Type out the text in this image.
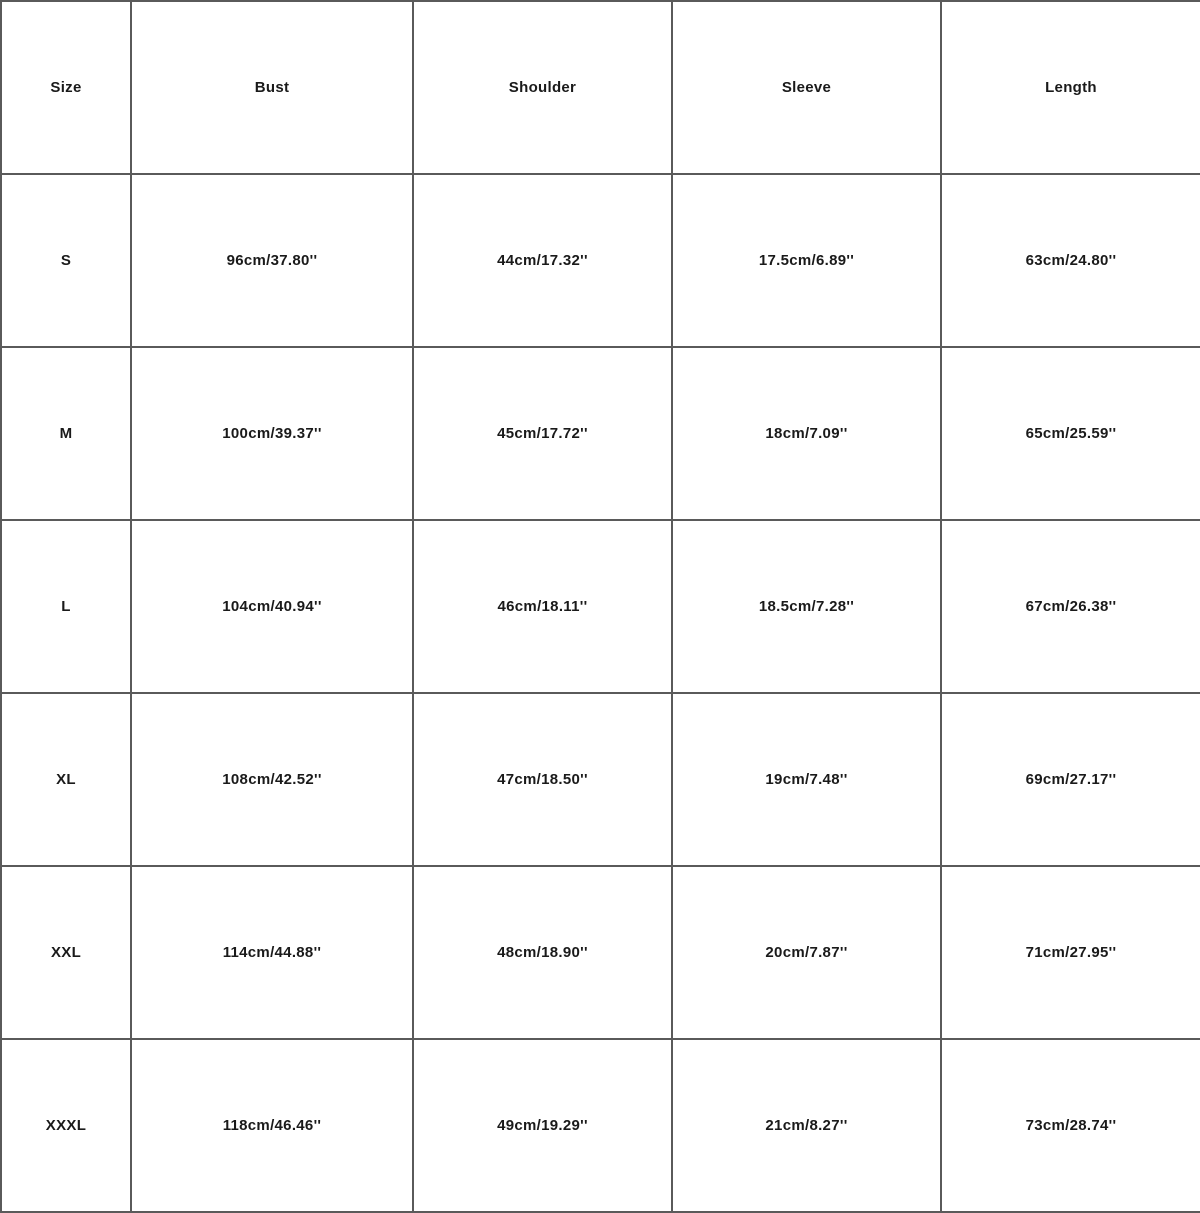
Size	Bust	Shoulder	Sleeve	Length
S	96cm/37.80''	44cm/17.32''	17.5cm/6.89''	63cm/24.80''
M	100cm/39.37''	45cm/17.72''	18cm/7.09''	65cm/25.59''
L	104cm/40.94''	46cm/18.11''	18.5cm/7.28''	67cm/26.38''
XL	108cm/42.52''	47cm/18.50''	19cm/7.48''	69cm/27.17''
XXL	114cm/44.88''	48cm/18.90''	20cm/7.87''	71cm/27.95''
XXXL	118cm/46.46''	49cm/19.29''	21cm/8.27''	73cm/28.74''
